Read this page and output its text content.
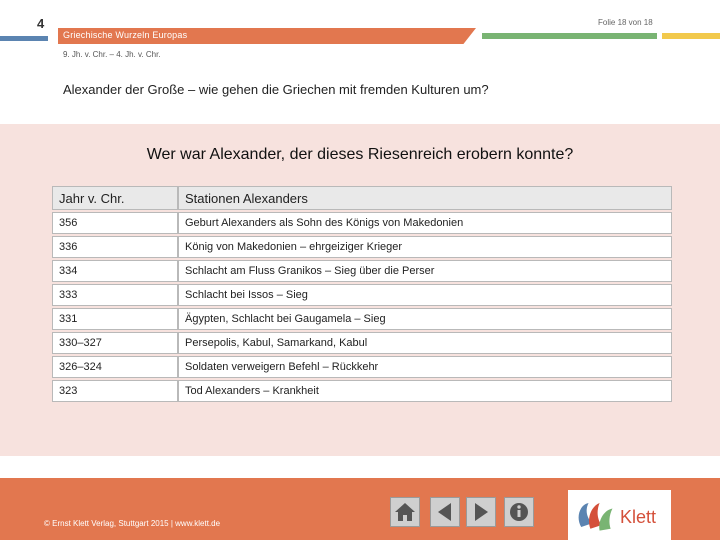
4
Griechische Wurzeln Europas
Folie 18 von 18
9. Jh. v. Chr. – 4. Jh. v. Chr.
Alexander der Große – wie gehen die Griechen mit fremden Kulturen um?
Wer war Alexander, der dieses Riesenreich erobern konnte?
Jahr v. Chr.	Stationen Alexanders
356	Geburt Alexanders als Sohn des Königs von Makedonien
336	König von Makedonien – ehrgeiziger Krieger
334	Schlacht am Fluss Granikos – Sieg über die Perser
333	Schlacht bei Issos – Sieg
331	Ägypten, Schlacht bei Gaugamela – Sieg
330–327	Persepolis, Kabul, Samarkand, Kabul
326–324	Soldaten verweigern Befehl – Rückkehr
323	Tod Alexanders – Krankheit
© Ernst Klett Verlag, Stuttgart 2015 | www.klett.de	Klett
